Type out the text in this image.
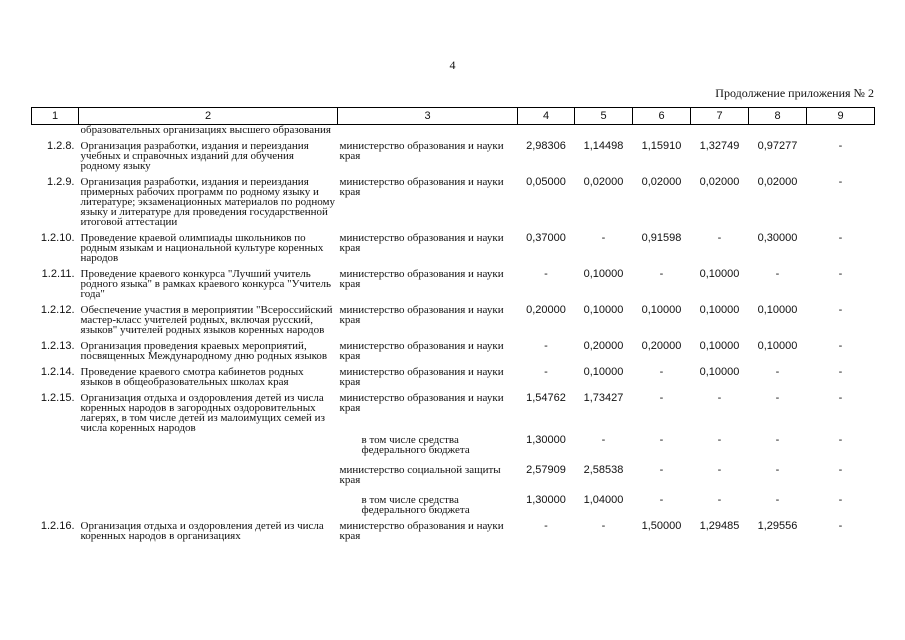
4
Продолжение приложения № 2
1	2	3	4	5	6	7	8	9
	образовательных организациях высшего образования							
1.2.8.	Организация разработки, издания и переиздания учебных и справочных изданий для обучения родному языку	министерство образования и науки края	2,98306	1,14498	1,15910	1,32749	0,97277	-
1.2.9.	Организация разработки, издания и переиздания примерных рабочих программ по родному языку и литературе; экзаменационных материалов по родному языку и литературе для проведения государственной итоговой аттестации	министерство образования и науки края	0,05000	0,02000	0,02000	0,02000	0,02000	-
1.2.10.	Проведение краевой олимпиады школьников по родным языкам и национальной культуре коренных народов	министерство образования и науки края	0,37000	-	0,91598	-	0,30000	-
1.2.11.	Проведение краевого конкурса "Лучший учитель родного языка" в рамках краевого конкурса "Учитель года"	министерство образования и науки края	-	0,10000	-	0,10000	-	-
1.2.12.	Обеспечение участия в мероприятии "Всероссийский мастер-класс учителей родных, включая русский, языков" учителей родных языков коренных народов	министерство образования и науки края	0,20000	0,10000	0,10000	0,10000	0,10000	-
1.2.13.	Организация проведения краевых мероприятий, посвященных Международному дню родных языков	министерство образования и науки края	-	0,20000	0,20000	0,10000	0,10000	-
1.2.14.	Проведение краевого смотра кабинетов родных языков в общеобразовательных школах края	министерство образования и науки края	-	0,10000	-	0,10000	-	-
1.2.15.	Организация отдыха и оздоровления детей из числа коренных народов в загородных оздоровительных лагерях, в том числе детей из малоимущих семей из числа коренных народов	министерство образования и науки края	1,54762	1,73427	-	-	-	-

		в том числе средства федерального бюджета	1,30000	-	-	-	-	-
		министерство социальной защиты края	2,57909	2,58538	-	-	-	-

		в том числе средства федерального бюджета	1,30000	1,04000	-	-	-	-
1.2.16.	Организация отдыха и оздоровления детей из числа коренных народов в организациях	министерство образования и науки края	-	-	1,50000	1,29485	1,29556	-
